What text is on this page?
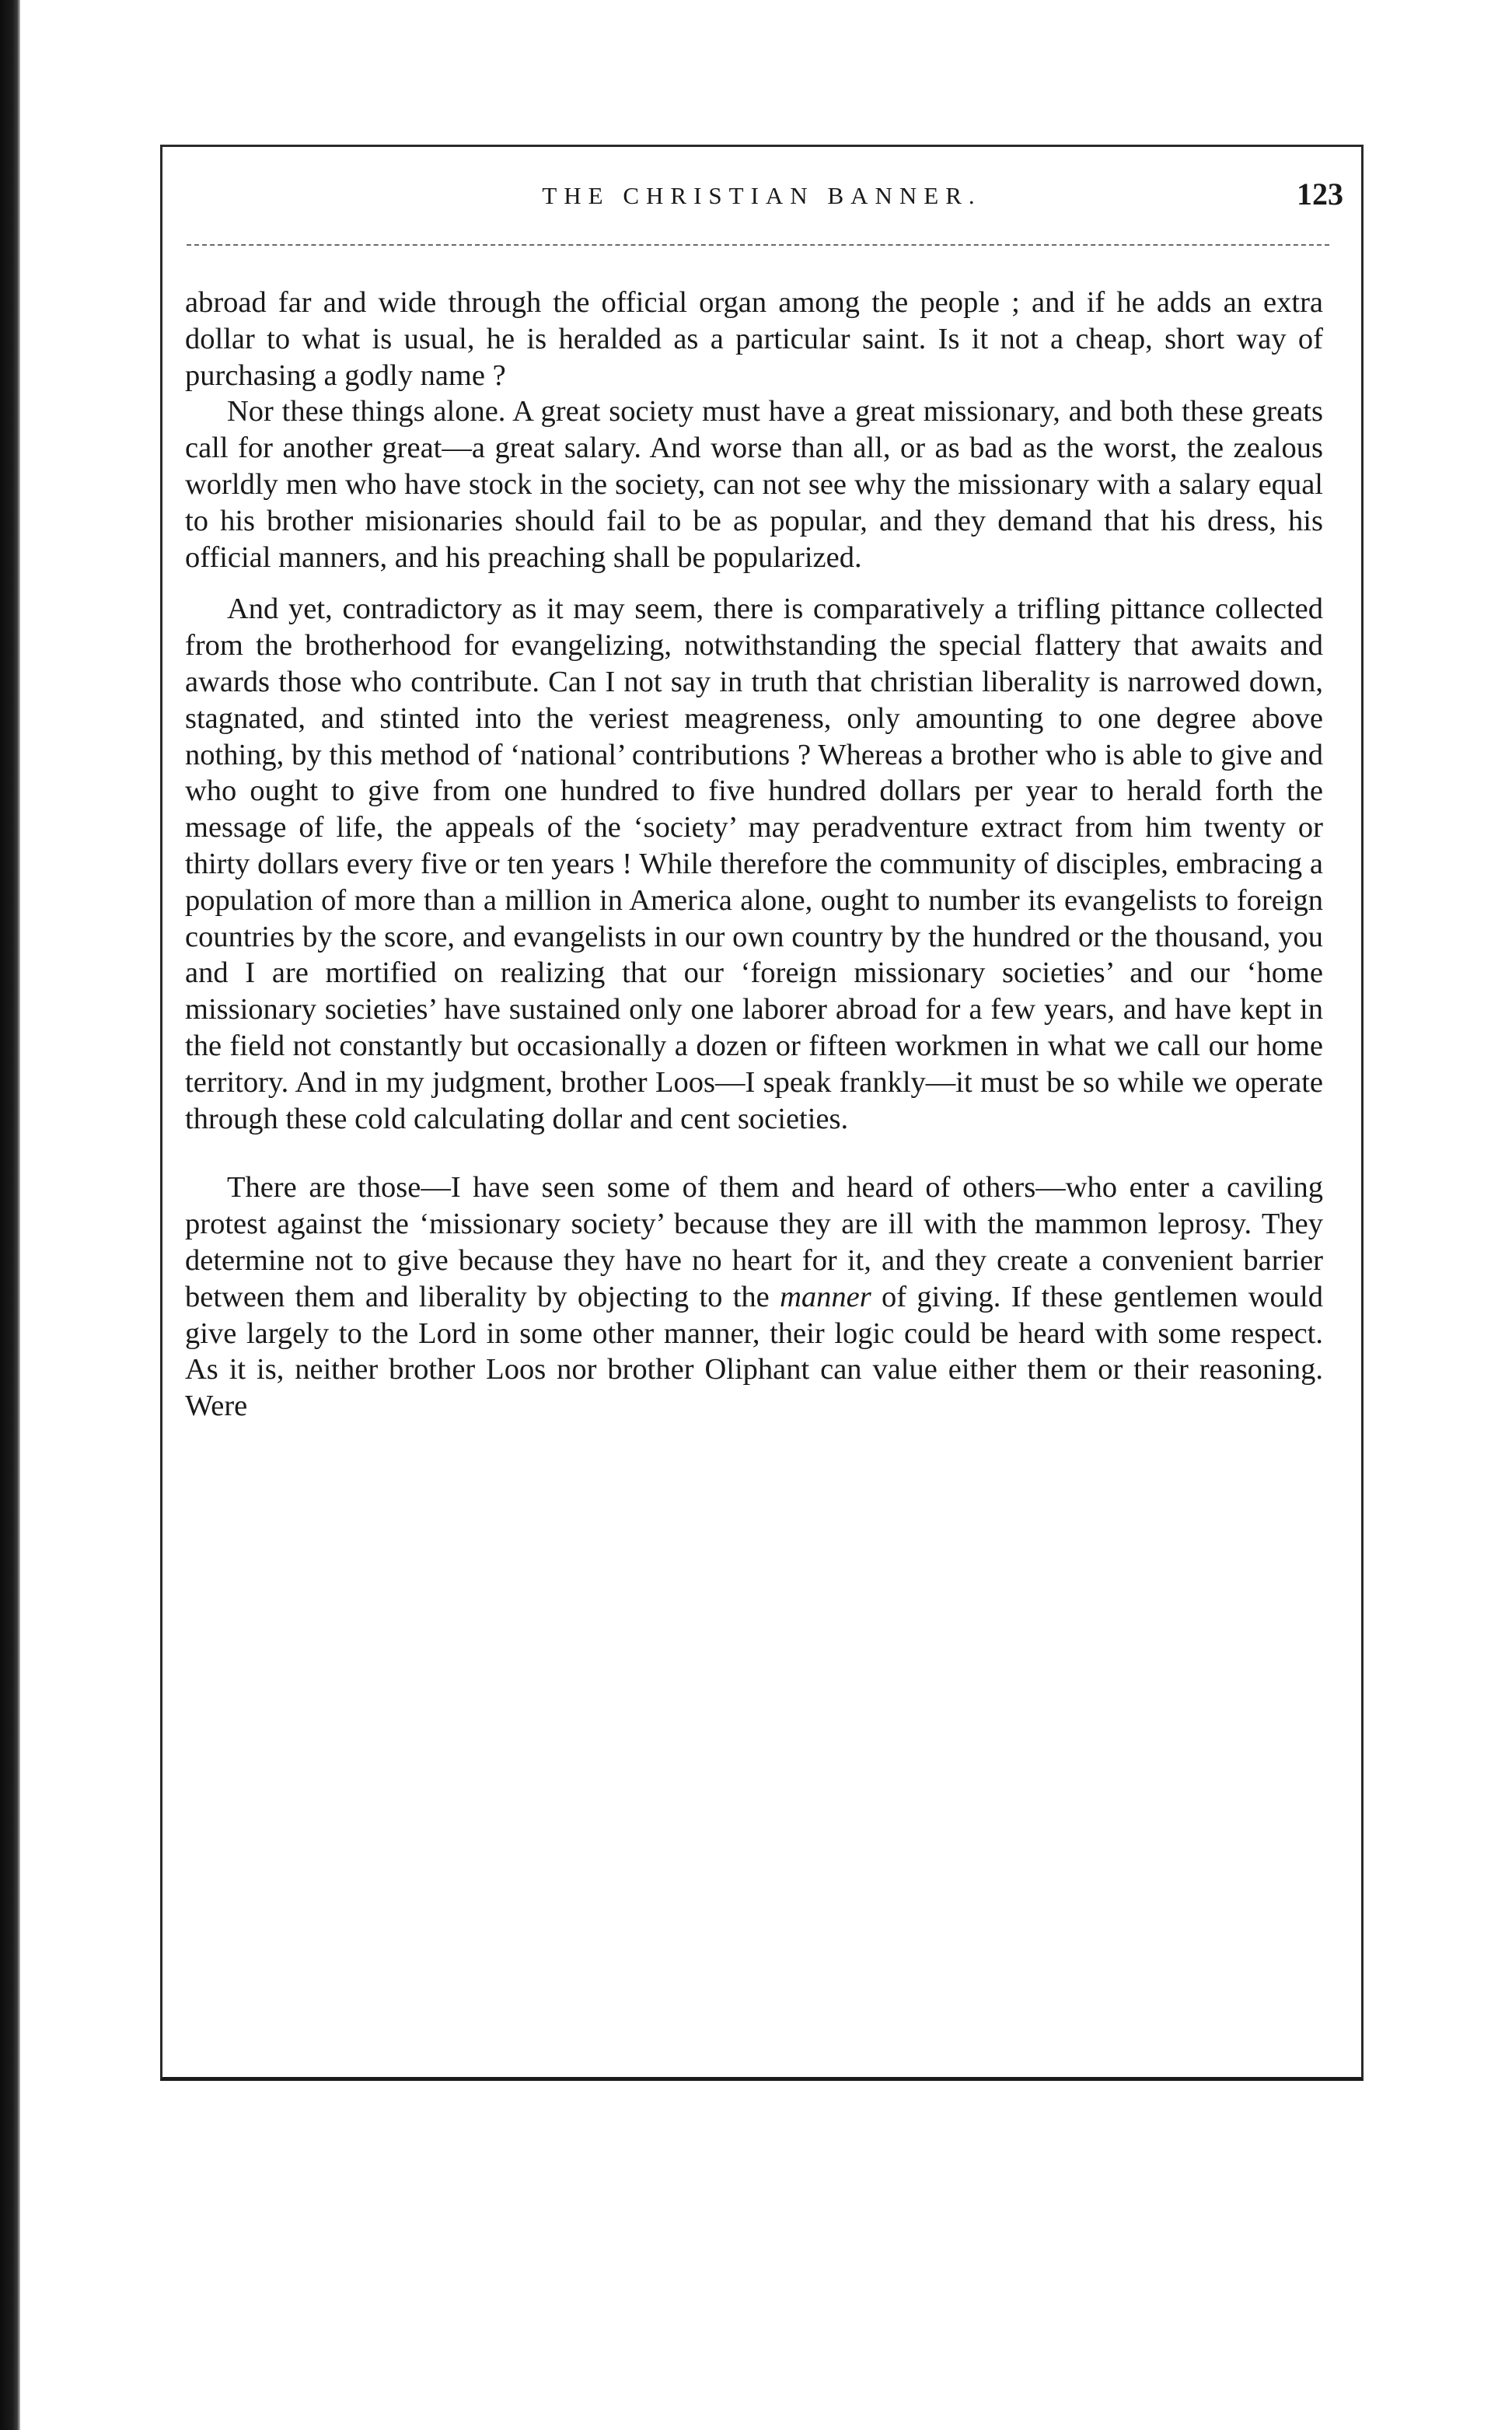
THE CHRISTIAN BANNER.	123

abroad far and wide through the official organ among the people ; and if he adds an extra dollar to what is usual, he is heralded as a particular saint. Is it not a cheap, short way of purchasing a godly name ?

Nor these things alone. A great society must have a great missionary, and both these greats call for another great—a great salary. And worse than all, or as bad as the worst, the zealous worldly men who have stock in the society, can not see why the missionary with a salary equal to his brother misionaries should fail to be as popular, and they demand that his dress, his official manners, and his preaching shall be popularized.

And yet, contradictory as it may seem, there is comparatively a trifling pittance collected from the brotherhood for evangelizing, notwithstanding the special flattery that awaits and awards those who contribute. Can I not say in truth that christian liberality is narrowed down, stagnated, and stinted into the veriest meagreness, only amounting to one degree above nothing, by this method of ‘national’ contributions ? Whereas a brother who is able to give and who ought to give from one hundred to five hundred dollars per year to herald forth the message of life, the appeals of the ‘society’ may peradventure extract from him twenty or thirty dollars every five or ten years ! While therefore the community of disciples, embracing a population of more than a million in America alone, ought to number its evangelists to foreign countries by the score, and evangelists in our own country by the hundred or the thousand, you and I are mortified on realizing that our ‘foreign missionary societies’ and our ‘home missionary societies’ have sustained only one laborer abroad for a few years, and have kept in the field not constantly but occasionally a dozen or fifteen workmen in what we call our home territory. And in my judgment, brother Loos—I speak frankly—it must be so while we operate through these cold calculating dollar and cent societies.

There are those—I have seen some of them and heard of others—who enter a caviling protest against the ‘missionary society’ because they are ill with the mammon leprosy. They determine not to give because they have no heart for it, and they create a convenient barrier between them and liberality by objecting to the manner of giving. If these gentlemen would give largely to the Lord in some other manner, their logic could be heard with some respect. As it is, neither brother Loos nor brother Oliphant can value either them or their reasoning. Were
